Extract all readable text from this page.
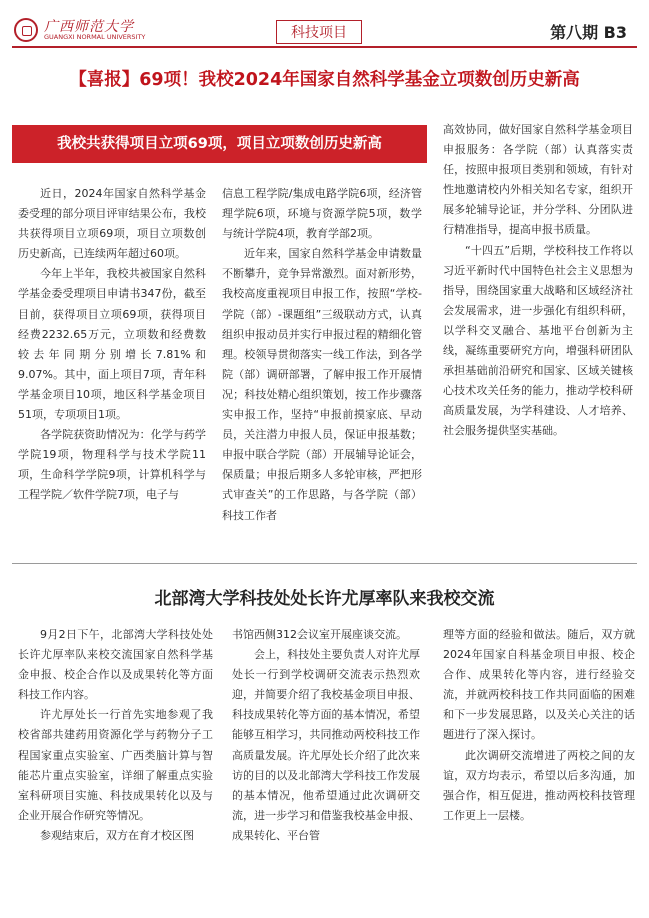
广西师范大学
GUANGXI NORMAL UNIVERSITY	科技项目	第八期 B3
【喜报】69项！我校2024年国家自然科学基金立项数创历史新高
我校共获得项目立项69项，项目立项数创历史新高

近日，2024年国家自然科学基金委受理的部分项目评审结果公布，我校共获得项目立项69项，项目立项数创历史新高，已连续两年超过60项。

今年上半年，我校共被国家自然科学基金委受理项目申请书347份，截至目前，获得项目立项69项，获得项目经费2232.65万元，立项数和经费数较去年同期分别增长7.81%和9.07%。其中，面上项目7项，青年科学基金项目10项，地区科学基金项目51项，专项项目1项。

各学院获资助情况为：化学与药学学院19项，物理科学与技术学院11项，生命科学学院9项，计算机科学与工程学院／软件学院7项，电子与

信息工程学院/集成电路学院6项，经济管理学院6项，环境与资源学院5项，数学与统计学院4项，教育学部2项。

近年来，国家自然科学基金申请数量不断攀升，竞争异常激烈。面对新形势，我校高度重视项目申报工作，按照“学校-学院（部）-课题组”三级联动方式，认真组织申报动员并实行申报过程的精细化管理。校领导贯彻落实一线工作法，到各学院（部）调研部署，了解申报工作开展情况；科技处精心组织策划，按工作步骤落实申报工作，坚持“申报前摸家底、早动员，关注潜力申报人员，保证申报基数；申报中联合学院（部）开展辅导论证会，保质量；申报后期多人多轮审核，严把形式审查关”的工作思路，与各学院（部）科技工作者

高效协同，做好国家自然科学基金项目申报服务：各学院（部）认真落实责任，按照申报项目类别和领域，有针对性地邀请校内外相关知名专家，组织开展多轮辅导论证，并分学科、分团队进行精准指导，提高申报书质量。

“十四五”后期，学校科技工作将以习近平新时代中国特色社会主义思想为指导，围绕国家重大战略和区域经济社会发展需求，进一步强化有组织科研，以学科交叉融合、基地平台创新为主线，凝练重要研究方向，增强科研团队承担基础前沿研究和国家、区域关键核心技术攻关任务的能力，推动学校科研高质量发展，为学科建设、人才培养、社会服务提供坚实基础。

北部湾大学科技处处长许尤厚率队来我校交流

9月2日下午，北部湾大学科技处处长许尤厚率队来校交流国家自然科学基金申报、校企合作以及成果转化等方面科技工作内容。

许尤厚处长一行首先实地参观了我校省部共建药用资源化学与药物分子工程国家重点实验室、广西类脑计算与智能芯片重点实验室，详细了解重点实验室科研项目实施、科技成果转化以及与企业开展合作研究等情况。

参观结束后，双方在育才校区图

书馆西侧312会议室开展座谈交流。

会上，科技处主要负责人对许尤厚处长一行到学校调研交流表示热烈欢迎，并简要介绍了我校基金项目申报、科技成果转化等方面的基本情况，希望能够互相学习，共同推动两校科技工作高质量发展。许尤厚处长介绍了此次来访的目的以及北部湾大学科技工作发展的基本情况，他希望通过此次调研交流，进一步学习和借鉴我校基金申报、成果转化、平台管

理等方面的经验和做法。随后，双方就2024年国家自科基金项目申报、校企合作、成果转化等内容，进行经验交流，并就两校科技工作共同面临的困难和下一步发展思路，以及关心关注的话题进行了深入探讨。

此次调研交流增进了两校之间的友谊，双方均表示，希望以后多沟通，加强合作，相互促进，推动两校科技管理工作更上一层楼。
